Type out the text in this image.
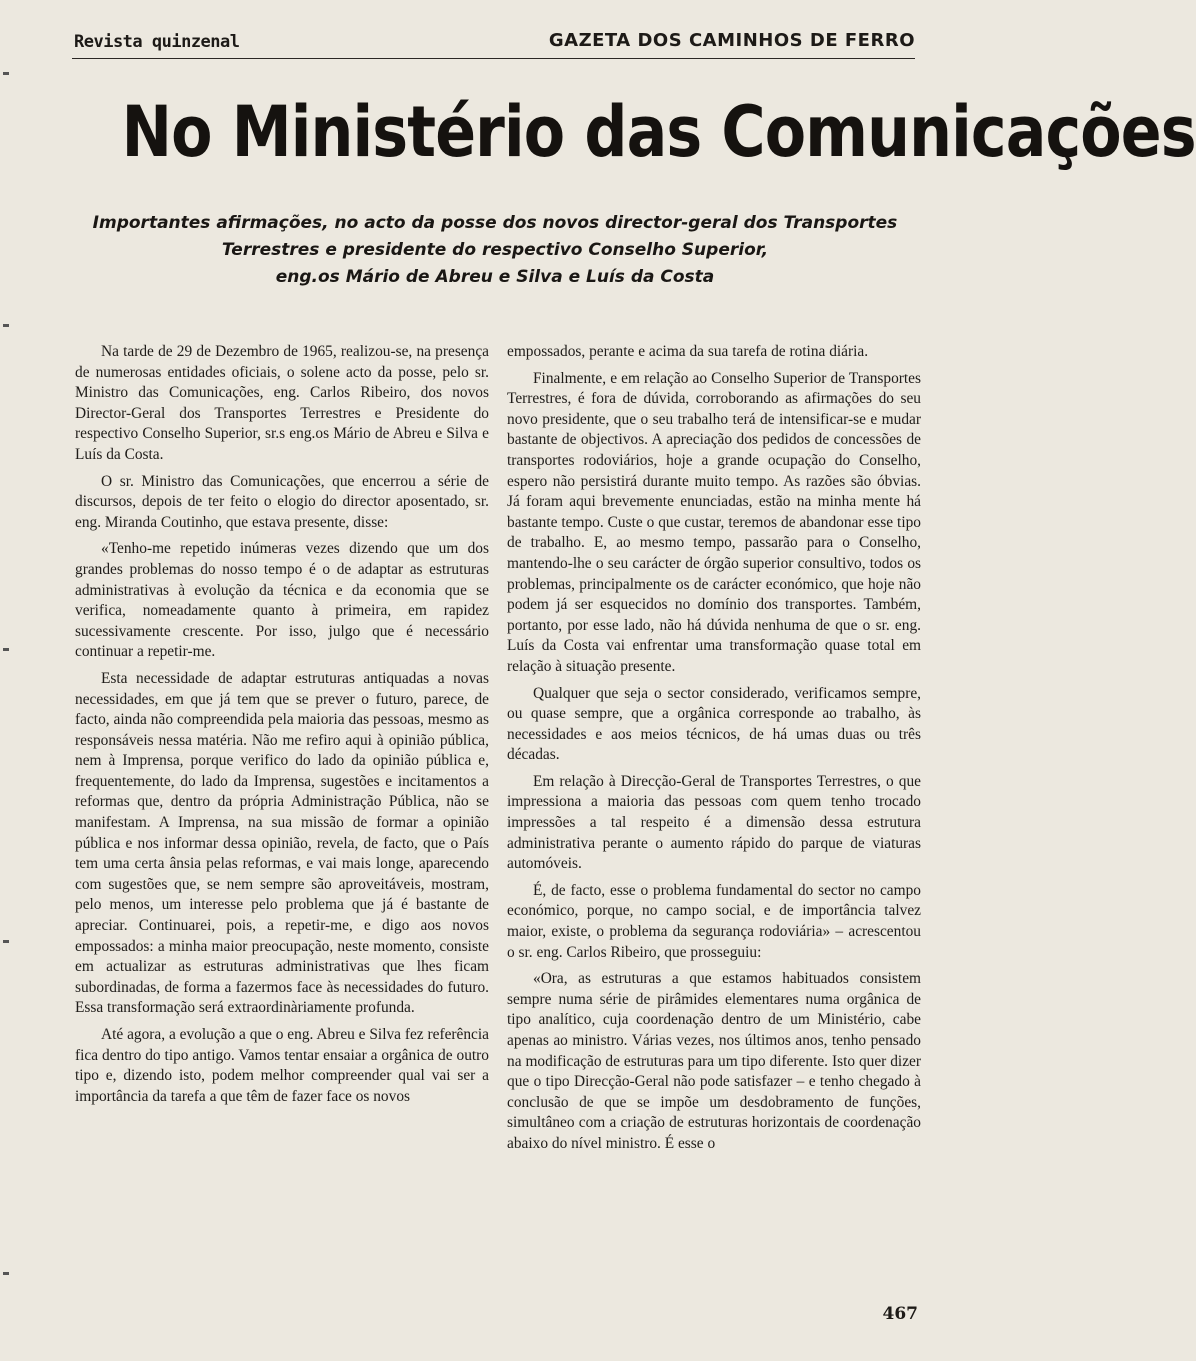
Revista quinzenal	GAZETA DOS CAMINHOS DE FERRO
No Ministério das Comunicações
Importantes afirmações, no acto da posse dos novos director-geral dos Transportes
Terrestres e presidente do respectivo Conselho Superior,
eng.os Mário de Abreu e Silva e Luís da Costa

Na tarde de 29 de Dezembro de 1965, realizou-se, na presença de numerosas entidades oficiais, o solene acto da posse, pelo sr. Ministro das Comunicações, eng. Carlos Ribeiro, dos novos Director-Geral dos Transportes Terrestres e Presidente do respectivo Conselho Superior, sr.s eng.os Mário de Abreu e Silva e Luís da Costa.

O sr. Ministro das Comunicações, que encerrou a série de discursos, depois de ter feito o elogio do director aposentado, sr. eng. Miranda Coutinho, que estava presente, disse:

«Tenho-me repetido inúmeras vezes dizendo que um dos grandes problemas do nosso tempo é o de adaptar as estruturas administrativas à evolução da técnica e da economia que se verifica, nomeadamente quanto à primeira, em rapidez sucessivamente crescente. Por isso, julgo que é necessário continuar a repetir-me.

Esta necessidade de adaptar estruturas antiquadas a novas necessidades, em que já tem que se prever o futuro, parece, de facto, ainda não compreendida pela maioria das pessoas, mesmo as responsáveis nessa matéria. Não me refiro aqui à opinião pública, nem à Imprensa, porque verifico do lado da opinião pública e, frequentemente, do lado da Imprensa, sugestões e incitamentos a reformas que, dentro da própria Administração Pública, não se manifestam. A Imprensa, na sua missão de formar a opinião pública e nos informar dessa opinião, revela, de facto, que o País tem uma certa ânsia pelas reformas, e vai mais longe, aparecendo com sugestões que, se nem sempre são aproveitáveis, mostram, pelo menos, um interesse pelo problema que já é bastante de apreciar. Continuarei, pois, a repetir-me, e digo aos novos empossados: a minha maior preocupação, neste momento, consiste em actualizar as estruturas administrativas que lhes ficam subordinadas, de forma a fazermos face às necessidades do futuro. Essa transformação será extraordinàriamente profunda.

Até agora, a evolução a que o eng. Abreu e Silva fez referência fica dentro do tipo antigo. Vamos tentar ensaiar a orgânica de outro tipo e, dizendo isto, podem melhor compreender qual vai ser a importância da tarefa a que têm de fazer face os novos

empossados, perante e acima da sua tarefa de rotina diária.

Finalmente, e em relação ao Conselho Superior de Transportes Terrestres, é fora de dúvida, corroborando as afirmações do seu novo presidente, que o seu trabalho terá de intensificar-se e mudar bastante de objectivos. A apreciação dos pedidos de concessões de transportes rodoviários, hoje a grande ocupação do Conselho, espero não persistirá durante muito tempo. As razões são óbvias. Já foram aqui brevemente enunciadas, estão na minha mente há bastante tempo. Custe o que custar, teremos de abandonar esse tipo de trabalho. E, ao mesmo tempo, passarão para o Conselho, mantendo-lhe o seu carácter de órgão superior consultivo, todos os problemas, principalmente os de carácter económico, que hoje não podem já ser esquecidos no domínio dos transportes. Também, portanto, por esse lado, não há dúvida nenhuma de que o sr. eng. Luís da Costa vai enfrentar uma transformação quase total em relação à situação presente.

Qualquer que seja o sector considerado, verificamos sempre, ou quase sempre, que a orgânica corresponde ao trabalho, às necessidades e aos meios técnicos, de há umas duas ou três décadas.

Em relação à Direcção-Geral de Transportes Terrestres, o que impressiona a maioria das pessoas com quem tenho trocado impressões a tal respeito é a dimensão dessa estrutura administrativa perante o aumento rápido do parque de viaturas automóveis.

É, de facto, esse o problema fundamental do sector no campo económico, porque, no campo social, e de importância talvez maior, existe, o problema da segurança rodoviária» – acrescentou o sr. eng. Carlos Ribeiro, que prosseguiu:

«Ora, as estruturas a que estamos habituados consistem sempre numa série de pirâmides elementares numa orgânica de tipo analítico, cuja coordenação dentro de um Ministério, cabe apenas ao ministro. Várias vezes, nos últimos anos, tenho pensado na modificação de estruturas para um tipo diferente. Isto quer dizer que o tipo Direcção-Geral não pode satisfazer – e tenho chegado à conclusão de que se impõe um desdobramento de funções, simultâneo com a criação de estruturas horizontais de coordenação abaixo do nível ministro. É esse o

467
